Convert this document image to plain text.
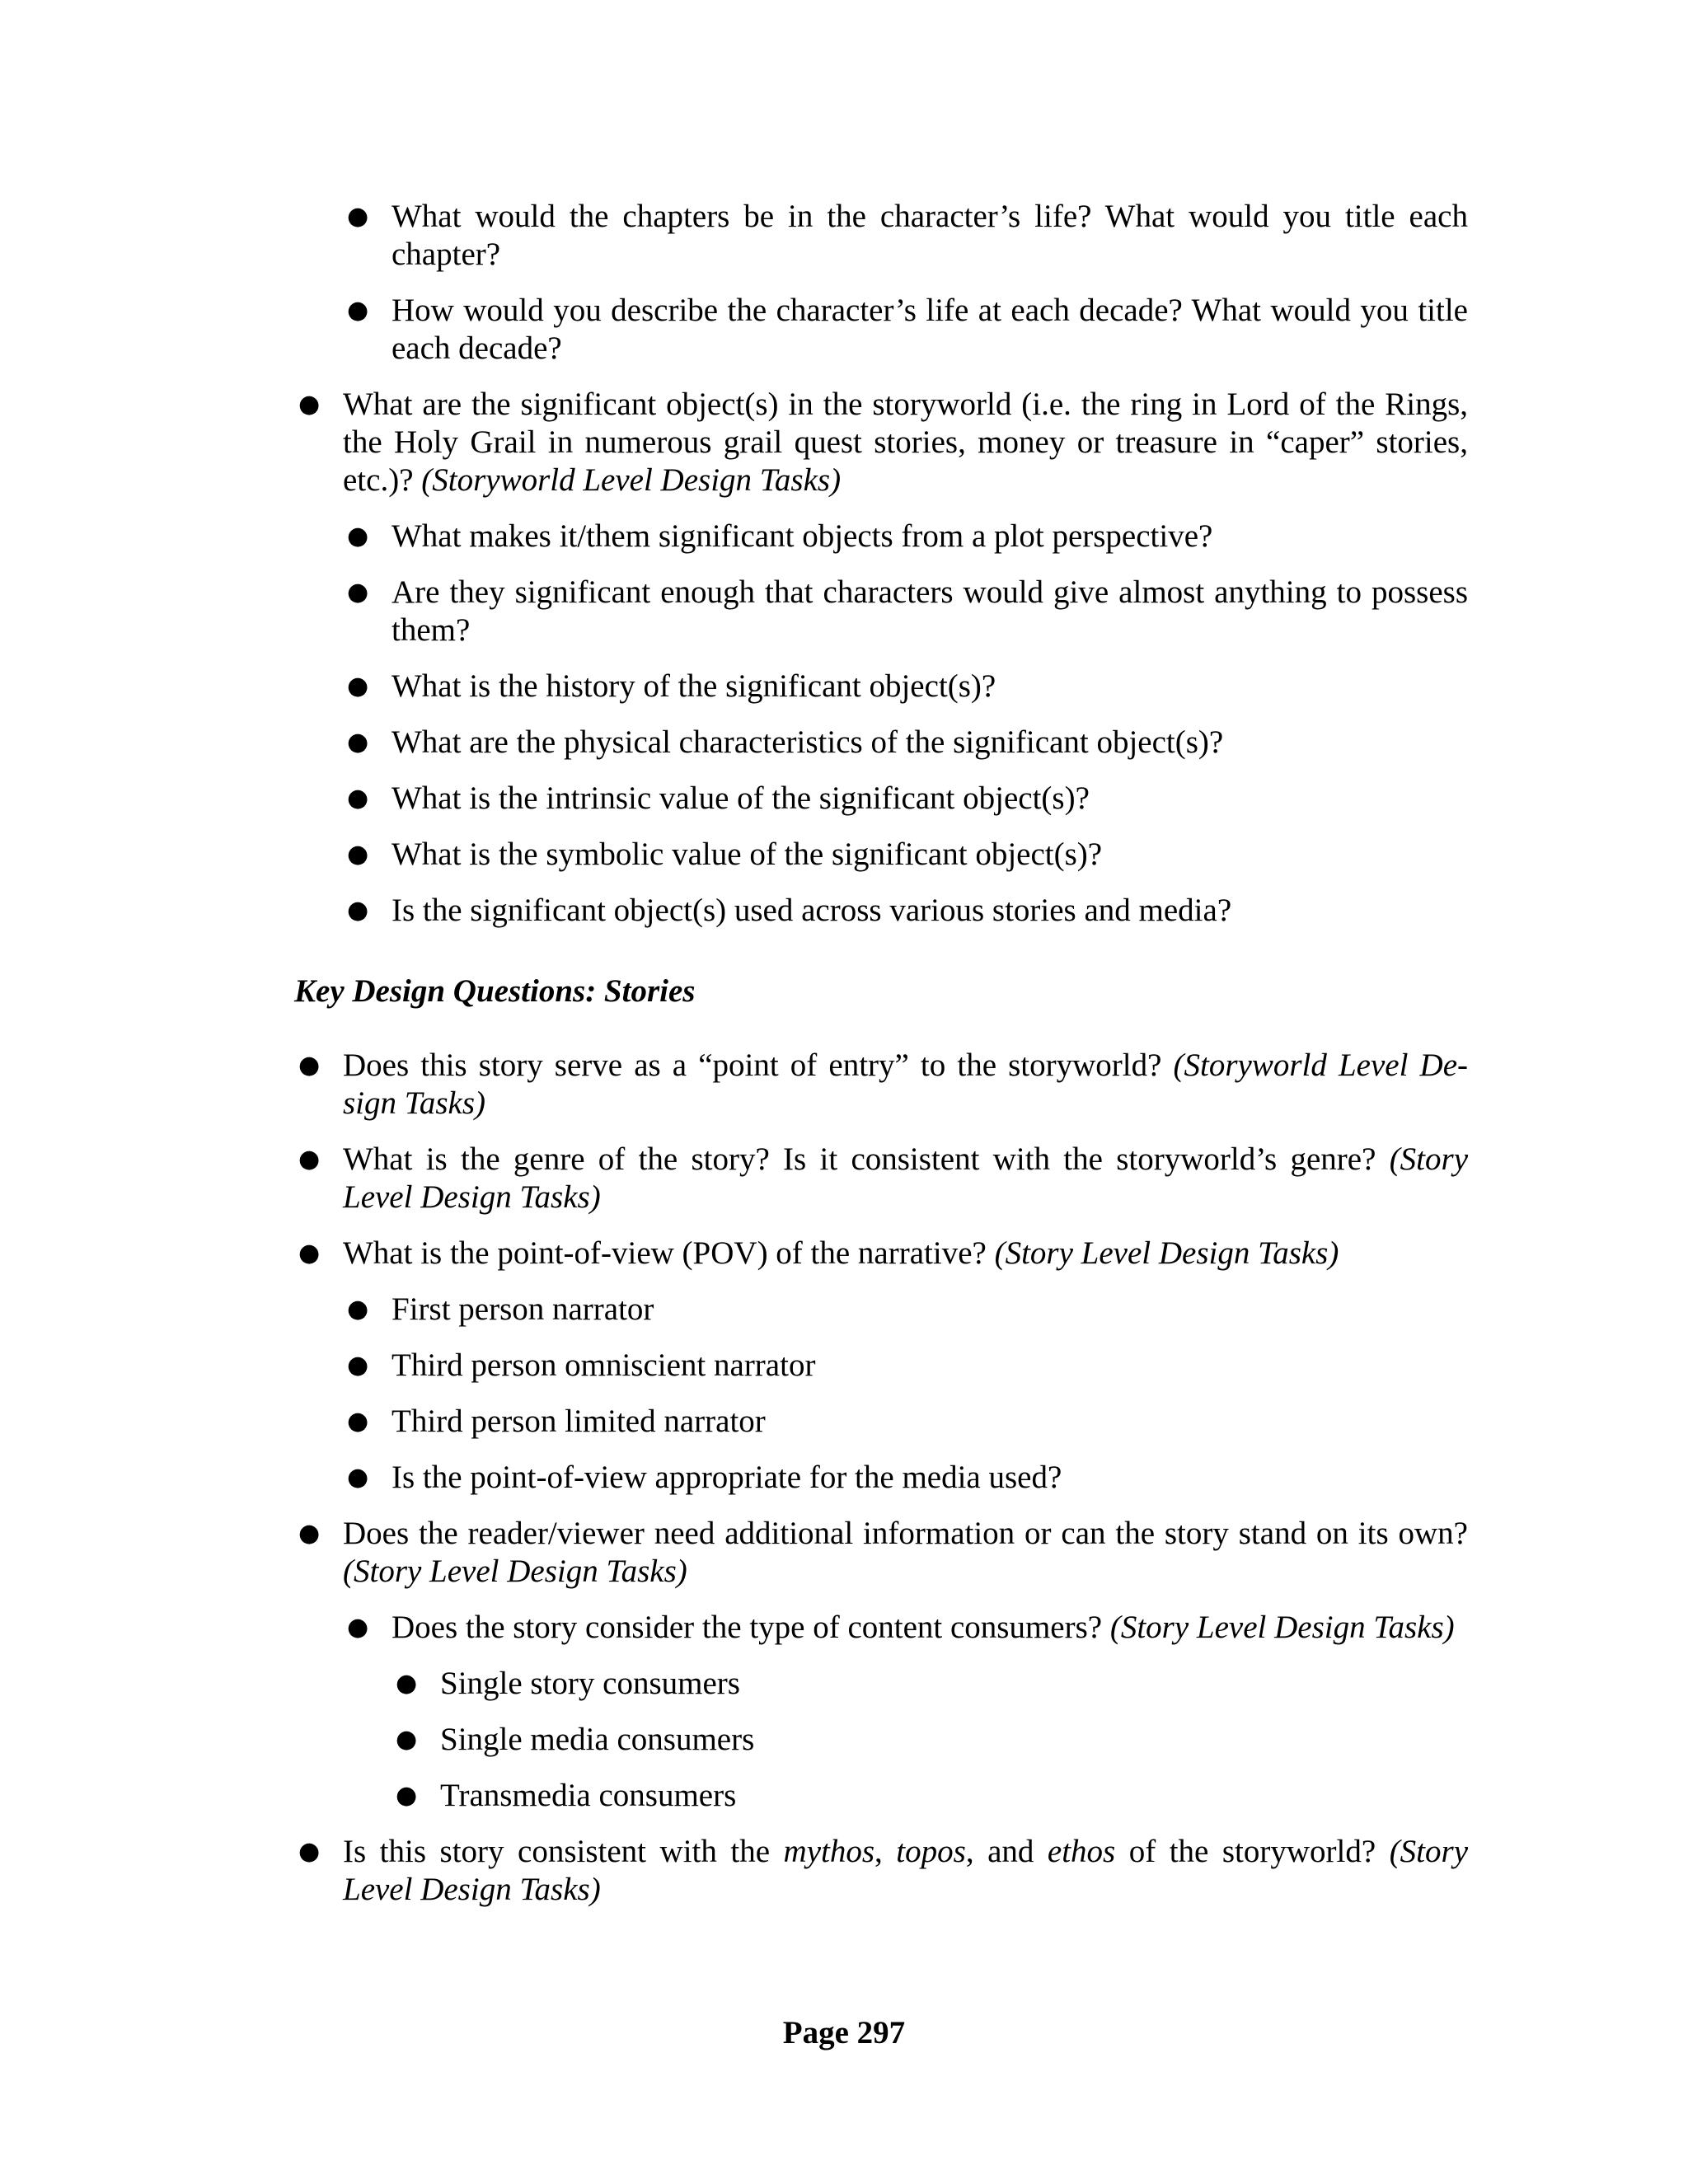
● What would the chapters be in the character’s life? What would you title each chapter?
● How would you describe the character’s life at each decade? What would you title each decade?
● What are the significant object(s) in the storyworld (i.e. the ring in Lord of the Rings, the Holy Grail in numerous grail quest stories, money or treasure in “caper” stories, etc.)? (Storyworld Level Design Tasks)
● What makes it/them significant objects from a plot perspective?
● Are they significant enough that characters would give almost anything to possess them?
● What is the history of the significant object(s)?
● What are the physical characteristics of the significant object(s)?
● What is the intrinsic value of the significant object(s)?
● What is the symbolic value of the significant object(s)?
● Is the significant object(s) used across various stories and media?
Key Design Questions: Stories
● Does this story serve as a “point of entry” to the storyworld? (Storyworld Level De-sign Tasks)
● What is the genre of the story? Is it consistent with the storyworld’s genre? (Story Level Design Tasks)
● What is the point-of-view (POV) of the narrative? (Story Level Design Tasks)
● First person narrator
● Third person omniscient narrator
● Third person limited narrator
● Is the point-of-view appropriate for the media used?
● Does the reader/viewer need additional information or can the story stand on its own? (Story Level Design Tasks)
● Does the story consider the type of content consumers? (Story Level Design Tasks)
● Single story consumers
● Single media consumers
● Transmedia consumers
● Is this story consistent with the mythos, topos, and ethos of the storyworld? (Story Level Design Tasks)
Page 297
